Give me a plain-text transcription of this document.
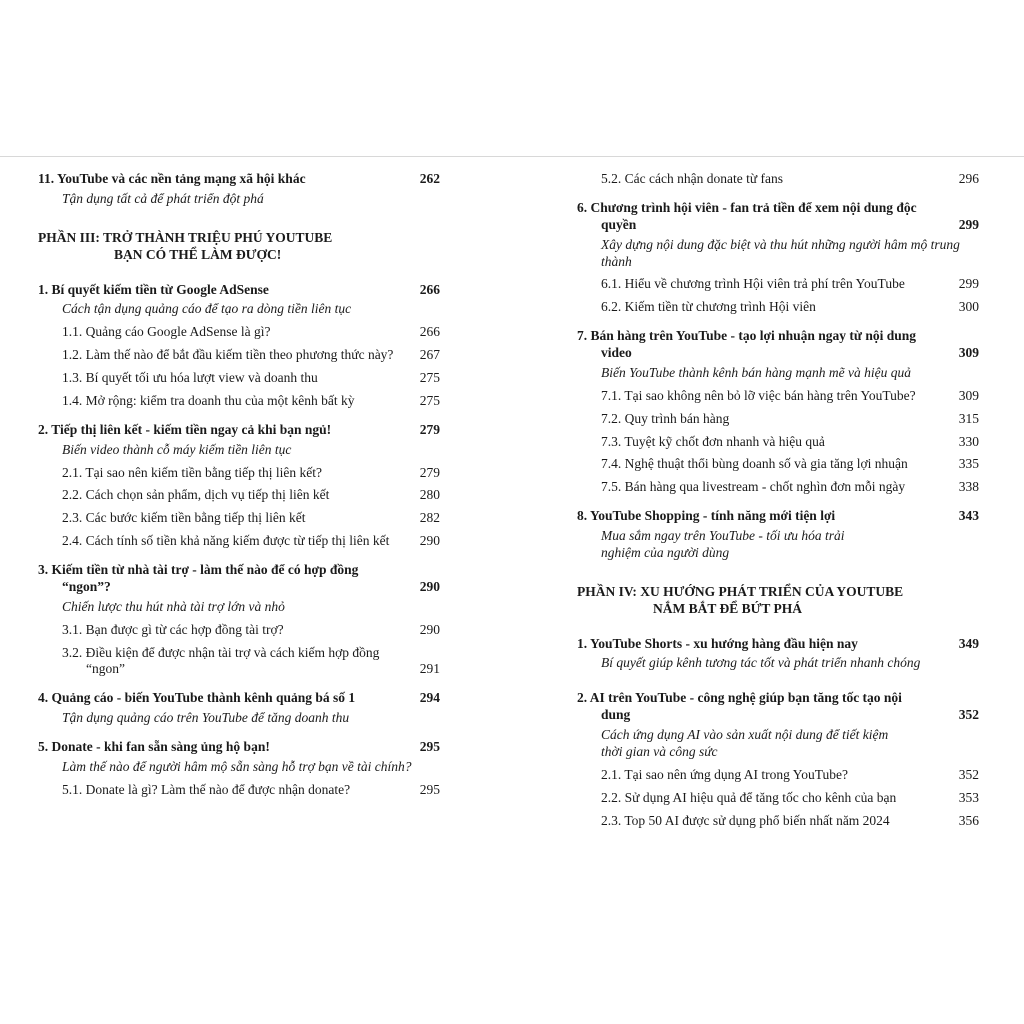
11. YouTube và các nền tảng mạng xã hội khác	262
Tận dụng tất cả để phát triển đột phá
PHẦN III: TRỞ THÀNH TRIỆU PHÚ YOUTUBE
BẠN CÓ THỂ LÀM ĐƯỢC!
1. Bí quyết kiếm tiền từ Google AdSense	266
Cách tận dụng quảng cáo để tạo ra dòng tiền liên tục
1.1. Quảng cáo Google AdSense là gì?	266
1.2. Làm thế nào để bắt đầu kiếm tiền theo phương thức này?	267
1.3. Bí quyết tối ưu hóa lượt view và doanh thu	275
1.4. Mở rộng: kiểm tra doanh thu của một kênh bất kỳ	275
2. Tiếp thị liên kết - kiếm tiền ngay cả khi bạn ngủ!	279
Biến video thành cỗ máy kiếm tiền liên tục
2.1. Tại sao nên kiếm tiền bằng tiếp thị liên kết?	279
2.2. Cách chọn sản phẩm, dịch vụ tiếp thị liên kết	280
2.3. Các bước kiếm tiền bằng tiếp thị liên kết	282
2.4. Cách tính số tiền khả năng kiếm được từ tiếp thị liên kết	290
3. Kiếm tiền từ nhà tài trợ - làm thế nào để có hợp đồng “ngon”?	290
Chiến lược thu hút nhà tài trợ lớn và nhỏ
3.1. Bạn được gì từ các hợp đồng tài trợ?	290
3.2. Điều kiện để được nhận tài trợ và cách kiếm hợp đồng “ngon”	291
4. Quảng cáo - biến YouTube thành kênh quảng bá số 1	294
Tận dụng quảng cáo trên YouTube để tăng doanh thu
5. Donate - khi fan sẵn sàng ủng hộ bạn!	295
Làm thế nào để người hâm mộ sẵn sàng hỗ trợ bạn về tài chính?
5.1. Donate là gì? Làm thế nào để được nhận donate?	295
5.2. Các cách nhận donate từ fans	296
6. Chương trình hội viên - fan trả tiền để xem nội dung độc quyền	299
Xây dựng nội dung đặc biệt và thu hút những người hâm mộ trung thành
6.1. Hiểu về chương trình Hội viên trả phí trên YouTube	299
6.2. Kiếm tiền từ chương trình Hội viên	300
7. Bán hàng trên YouTube - tạo lợi nhuận ngay từ nội dung video	309
Biến YouTube thành kênh bán hàng mạnh mẽ và hiệu quả
7.1. Tại sao không nên bỏ lỡ việc bán hàng trên YouTube?	309
7.2. Quy trình bán hàng	315
7.3. Tuyệt kỹ chốt đơn nhanh và hiệu quả	330
7.4. Nghệ thuật thổi bùng doanh số và gia tăng lợi nhuận	335
7.5. Bán hàng qua livestream - chốt nghìn đơn mỗi ngày	338
8. YouTube Shopping - tính năng mới tiện lợi	343
Mua sắm ngay trên YouTube - tối ưu hóa trải nghiệm của người dùng
PHẦN IV: XU HƯỚNG PHÁT TRIỂN CỦA YOUTUBE
NẮM BẮT ĐỂ BỨT PHÁ
1. YouTube Shorts - xu hướng hàng đầu hiện nay	349
Bí quyết giúp kênh tương tác tốt và phát triển nhanh chóng
2. AI trên YouTube - công nghệ giúp bạn tăng tốc tạo nội dung	352
Cách ứng dụng AI vào sản xuất nội dung để tiết kiệm thời gian và công sức
2.1. Tại sao nên ứng dụng AI trong YouTube?	352
2.2. Sử dụng AI hiệu quả để tăng tốc cho kênh của bạn	353
2.3. Top 50 AI được sử dụng phổ biến nhất năm 2024	356
